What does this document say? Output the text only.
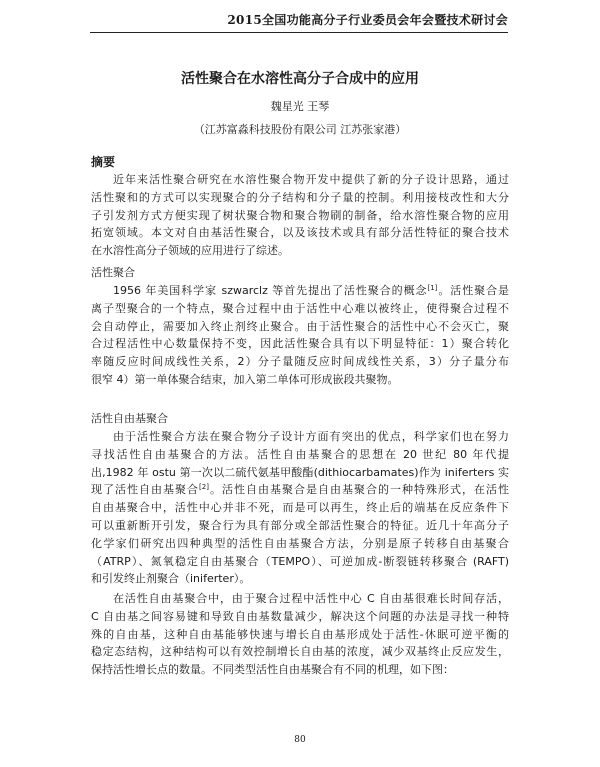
2015全国功能高分子行业委员会年会暨技术研讨会
活性聚合在水溶性高分子合成中的应用
魏星光 王琴
（江苏富淼科技股份有限公司 江苏张家港）
摘要
近年来活性聚合研究在水溶性聚合物开发中提供了新的分子设计思路，通过
活性聚和的方式可以实现聚合的分子结构和分子量的控制。利用接枝改性和大分
子引发剂方式方便实现了树状聚合物和聚合物刷的制备，给水溶性聚合物的应用
拓宽领域。本文对自由基活性聚合，以及该技术或具有部分活性特征的聚合技术
在水溶性高分子领域的应用进行了综述。
活性聚合
1956 年美国科学家 szwarclz 等首先提出了活性聚合的概念[1]。活性聚合是
离子型聚合的一个特点，聚合过程中由于活性中心难以被终止，使得聚合过程不
会自动停止，需要加入终止剂终止聚合。由于活性聚合的活性中心不会灭亡，聚
合过程活性中心数量保持不变，因此活性聚合具有以下明显特征：1）聚合转化
率随反应时间成线性关系，2）分子量随反应时间成线性关系，3）分子量分布
很窄 4）第一单体聚合结束，加入第二单体可形成嵌段共聚物。
活性自由基聚合
由于活性聚合方法在聚合物分子设计方面有突出的优点，科学家们也在努力
寻找活性自由基聚合的方法。活性自由基聚合的思想在 20 世纪 80 年代提
出,1982 年 ostu 第一次以二硫代氨基甲酸酯(dithiocarbamates)作为 iniferters 实
现了活性自由基聚合[2]。活性自由基聚合是自由基聚合的一种特殊形式，在活性
自由基聚合中，活性中心并非不死，而是可以再生，终止后的端基在反应条件下
可以重新断开引发，聚合行为具有部分或全部活性聚合的特征。近几十年高分子
化学家们研究出四种典型的活性自由基聚合方法，分别是原子转移自由基聚合
（ATRP）、氮氧稳定自由基聚合（TEMPO）、可逆加成-断裂链转移聚合 (RAFT)
和引发终止剂聚合（iniferter）。
在活性自由基聚合中，由于聚合过程中活性中心 C 自由基很难长时间存活，
C 自由基之间容易键和导致自由基数量减少，解决这个问题的办法是寻找一种特
殊的自由基，这种自由基能够快速与增长自由基形成处于活性-休眠可逆平衡的
稳定态结构，这种结构可以有效控制增长自由基的浓度，减少双基终止反应发生，
保持活性增长点的数量。不同类型活性自由基聚合有不同的机理，如下图：
80
